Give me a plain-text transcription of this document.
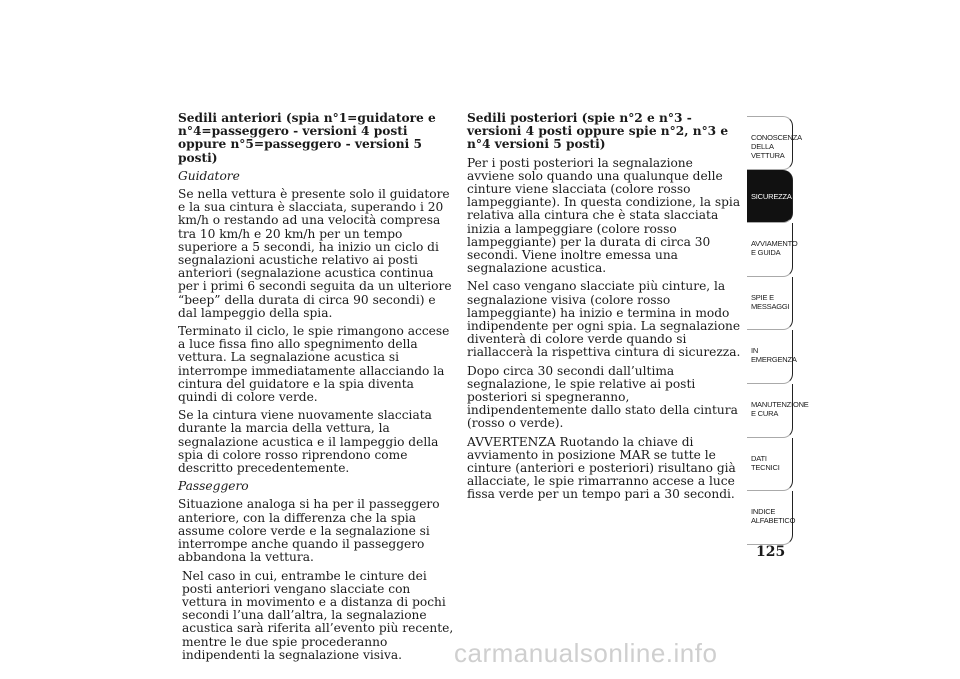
Sedili anteriori (spia n°1=guidatore e n°4=passeggero - versioni 4 posti oppure n°5=passeggero - versioni 5 posti)

Guidatore

Se nella vettura è presente solo il guidatore e la sua cintura è slacciata, superando i 20 km/h o restando ad una velocità compresa tra 10 km/h e 20 km/h per un tempo superiore a 5 secondi, ha inizio un ciclo di segnalazioni acustiche relativo ai posti anteriori (segnalazione acustica continua per i primi 6 secondi seguita da un ulteriore “beep” della durata di circa 90 secondi) e dal lampeggio della spia.

Terminato il ciclo, le spie rimangono accese a luce fissa fino allo spegnimento della vettura. La segnalazione acustica si interrompe immediatamente allacciando la cintura del guidatore e la spia diventa quindi di colore verde.

Se la cintura viene nuovamente slacciata durante la marcia della vettura, la segnalazione acustica e il lampeggio della spia di colore rosso riprendono come descritto precedentemente.

Passeggero

Situazione analoga si ha per il passeggero anteriore, con la differenza che la spia assume colore verde e la segnalazione si interrompe anche quando il passeggero abbandona la vettura.

Nel caso in cui, entrambe le cinture dei posti anteriori vengano slacciate con vettura in movimento e a distanza di pochi secondi l’una dall’altra, la segnalazione acustica sarà riferita all’evento più recente, mentre le due spie procederanno indipendenti la segnalazione visiva.

Sedili posteriori (spie n°2 e n°3 - versioni 4 posti oppure spie n°2, n°3 e n°4 versioni 5 posti)

Per i posti posteriori la segnalazione avviene solo quando una qualunque delle cinture viene slacciata (colore rosso lampeggiante). In questa condizione, la spia relativa alla cintura che è stata slacciata inizia a lampeggiare (colore rosso lampeggiante) per la durata di circa 30 secondi. Viene inoltre emessa una segnalazione acustica.

Nel caso vengano slacciate più cinture, la segnalazione visiva (colore rosso lampeggiante) ha inizio e termina in modo indipendente per ogni spia. La segnalazione diventerà di colore verde quando si riallaccerà la rispettiva cintura di sicurezza.

Dopo circa 30 secondi dall’ultima segnalazione, le spie relative ai posti posteriori si spegneranno, indipendentemente dallo stato della cintura (rosso o verde).

AVVERTENZA Ruotando la chiave di avviamento in posizione MAR se tutte le cinture (anteriori e posteriori) risultano già allacciate, le spie rimarranno accese a luce fissa verde per un tempo pari a 30 secondi.

CONOSCENZA DELLA VETTURA
SICUREZZA
AVVIAMENTO E GUIDA
SPIE E MESSAGGI
IN EMERGENZA
MANUTENZIONE E CURA
DATI TECNICI
INDICE ALFABETICO
125
carmanualsonline.info
